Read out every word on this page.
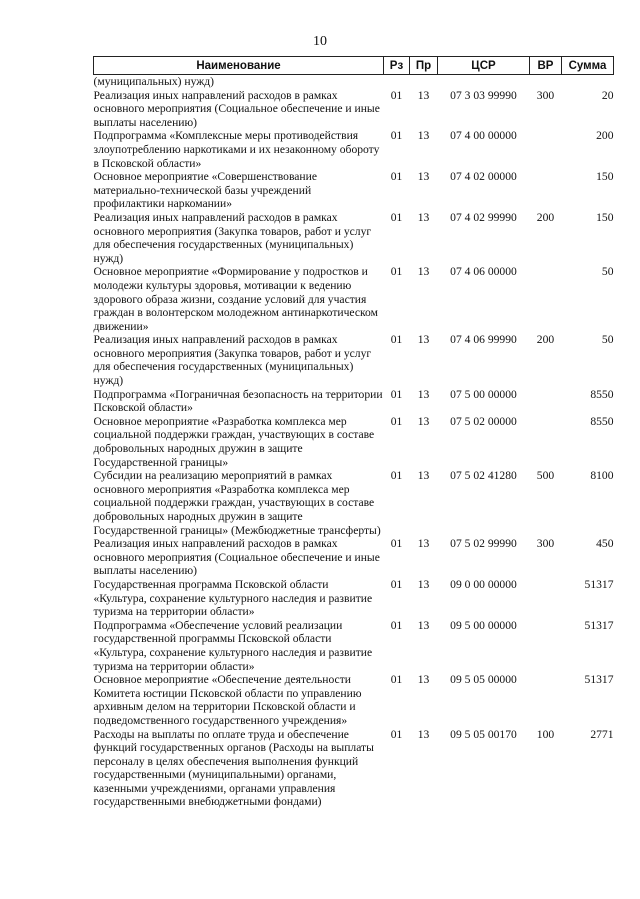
10
Наименование	Рз	Пр	ЦСР	ВР	Сумма
(муниципальных) нужд)					
Реализация иных направлений расходов в рамках основного мероприятия (Социальное обеспечение и иные выплаты населению)	01	13	07 3 03 99990	300	20
Подпрограмма «Комплексные меры противодействия злоупотреблению наркотиками и их незаконному обороту в Псковской области»	01	13	07 4 00 00000		200
Основное мероприятие «Совершенствование материально-технической базы учреждений профилактики наркомании»	01	13	07 4 02 00000		150
Реализация иных направлений расходов в рамках основного мероприятия (Закупка товаров, работ и услуг для обеспечения государственных (муниципальных) нужд)	01	13	07 4 02 99990	200	150
Основное мероприятие «Формирование у подростков и молодежи культуры здоровья, мотивации к ведению здорового образа жизни, создание условий для участия граждан в волонтерском молодежном антинаркотическом движении»	01	13	07 4 06 00000		50
Реализация иных направлений расходов в рамках основного мероприятия (Закупка товаров, работ и услуг для обеспечения государственных (муниципальных) нужд)	01	13	07 4 06 99990	200	50
Подпрограмма «Пограничная безопасность на территории Псковской области»	01	13	07 5 00 00000		8550
Основное мероприятие «Разработка комплекса мер социальной поддержки граждан, участвующих в составе добровольных народных дружин в защите Государственной границы»	01	13	07 5 02 00000		8550
Субсидии на реализацию мероприятий в рамках основного мероприятия «Разработка комплекса мер социальной поддержки граждан, участвующих в составе добровольных народных дружин в защите Государственной границы» (Межбюджетные трансферты)	01	13	07 5 02 41280	500	8100
Реализация иных направлений расходов в рамках основного мероприятия (Социальное обеспечение и иные выплаты населению)	01	13	07 5 02 99990	300	450
Государственная программа Псковской области «Культура, сохранение культурного наследия и развитие туризма на территории области»	01	13	09 0 00 00000		51317
Подпрограмма «Обеспечение условий реализации государственной программы Псковской области «Культура, сохранение культурного наследия и развитие туризма на территории области»	01	13	09 5 00 00000		51317
Основное мероприятие «Обеспечение деятельности Комитета юстиции Псковской области по управлению архивным делом на территории Псковской области и подведомственного государственного учреждения»	01	13	09 5 05 00000		51317
Расходы на выплаты по оплате труда и обеспечение функций государственных органов (Расходы на выплаты персоналу в целях обеспечения выполнения функций государственными (муниципальными) органами, казенными учреждениями, органами управления государственными внебюджетными фондами)	01	13	09 5 05 00170	100	2771
